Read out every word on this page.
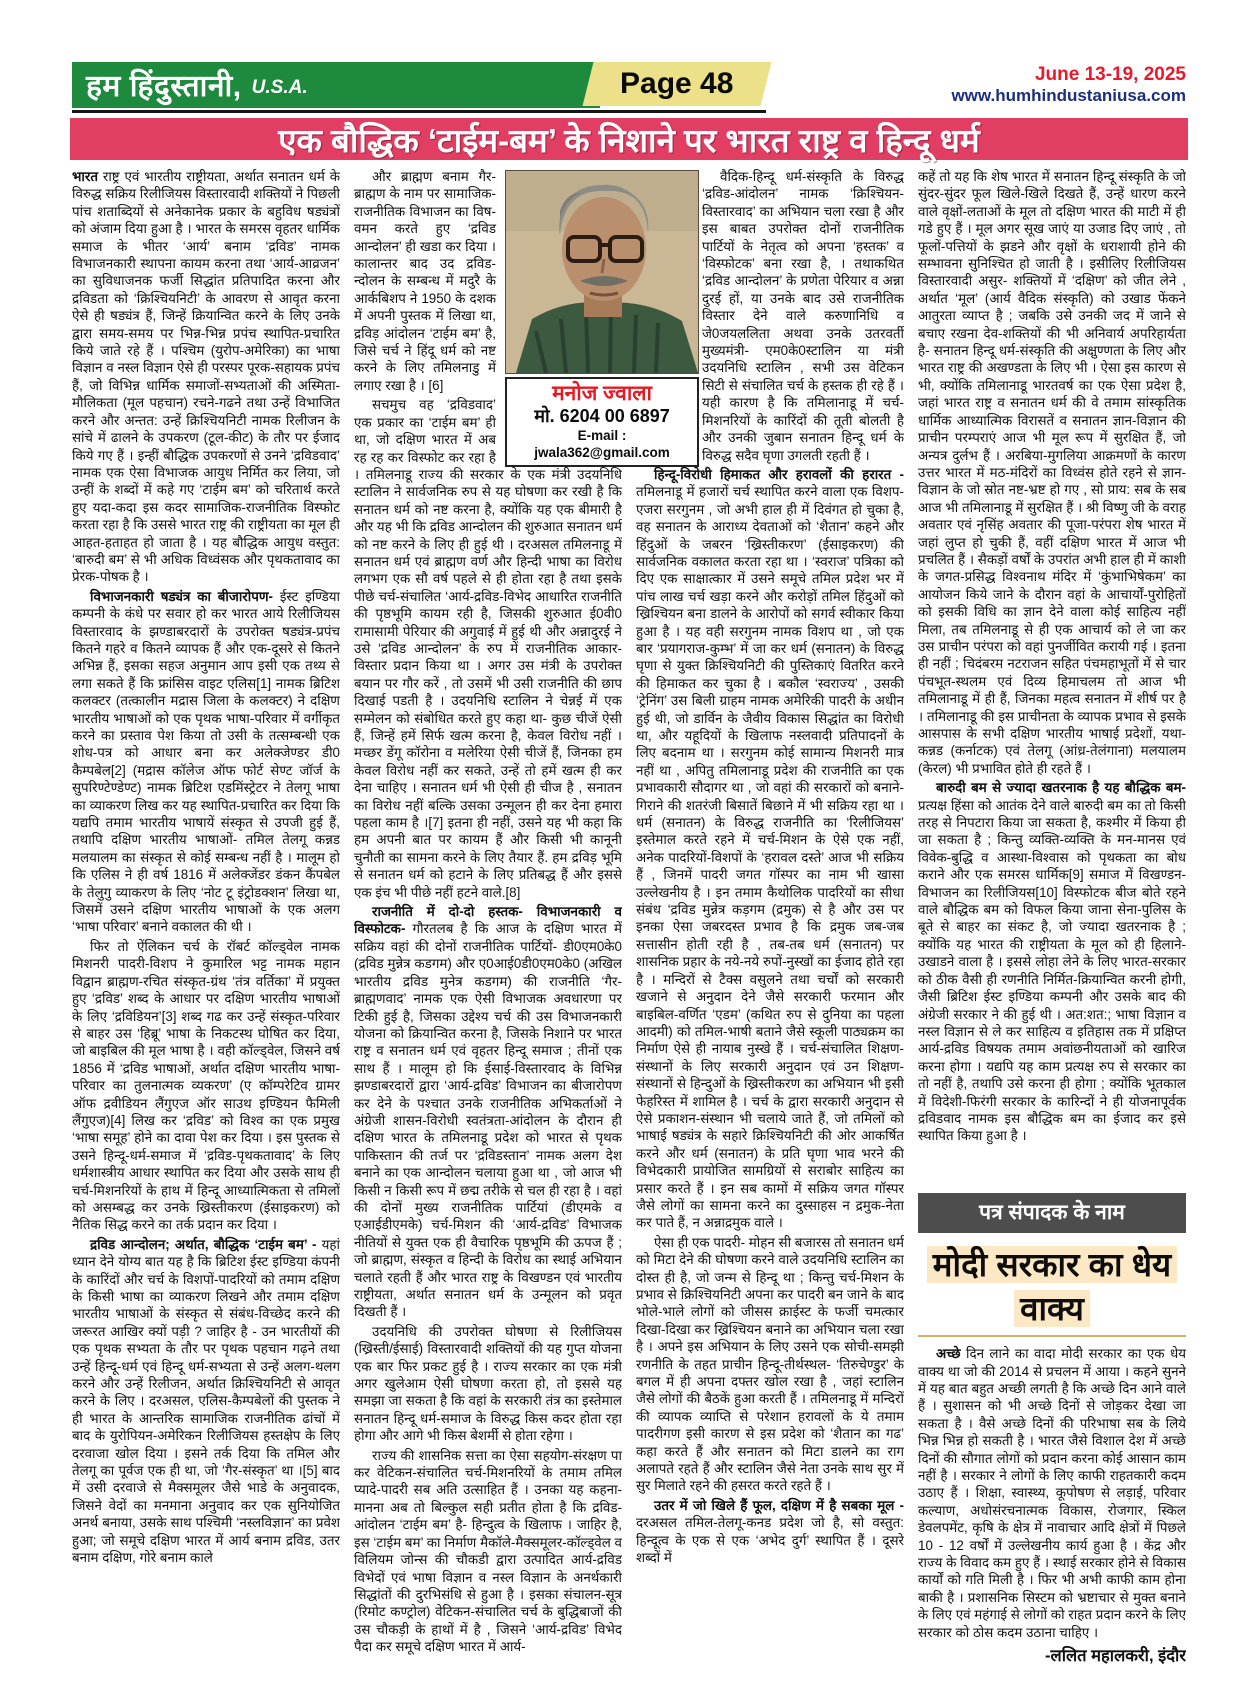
हम हिंदुस्तानी, U.S.A.	Page 48	June 13-19, 2025
www.humhindustaniusa.com
एक बौद्धिक ‘टाईम-बम’ के निशाने पर भारत राष्ट्र व हिन्दू धर्म

भारत राष्ट्र एवं भारतीय राष्ट्रीयता, अर्थात सनातन धर्म के विरुद्ध सक्रिय रिलीजियस विस्तारवादी शक्तियों ने पिछली पांच शताब्दियों से अनेकानेक प्रकार के बहुविध षड्यंत्रों को अंजाम दिया हुआ है । भारत के समरस वृहतर धार्मिक समाज के भीतर ‘आर्य’ बनाम ‘द्रविड’ नामक विभाजनकारी स्थापना कायम करना तथा ‘आर्य-आव्रजन’ का सुविधाजनक फर्जी सिद्धांत प्रतिपादित करना और द्रविडता को ‘क्रिश्चियनिटी’ के आवरण से आवृत करना ऐसे ही षड्यंत्र हैं, जिन्हें क्रियान्वित करने के लिए उनके द्वारा समय-समय पर भिन्न-भिन्न प्रपंच स्थापित-प्रचारित किये जाते रहे हैं । पश्चिम (युरोप-अमेरिका) का भाषा विज्ञान व नस्ल विज्ञान ऐसे ही परस्पर पूरक-सहायक प्रपंच हैं, जो विभिन्न धार्मिक समाजों-सभ्यताओं की अस्मिता-मौलिकता (मूल पहचान) रचने-गढने तथा उन्हें विभाजित करने और अन्तत: उन्हें क्रिश्चियनिटी नामक रिलीजन के सांचे में ढालने के उपकरण (टूल-कीट) के तौर पर ईजाद किये गए हैं । इन्हीं बौद्धिक उपकरणों से उनने ‘द्रविडवाद’ नामक एक ऐसा विभाजक आयुध निर्मित कर लिया, जो उन्हीं के शब्दों में कहे गए ‘टाईम बम’ को चरितार्थ करते हुए यदा-कदा इस कदर सामाजिक-राजनीतिक विस्फोट करता रहा है कि उससे भारत राष्ट्र की राष्ट्रीयता का मूल ही आहत-हताहत हो जाता है । यह बौद्धिक आयुध वस्तुत: ‘बारुदी बम’ से भी अधिक विध्वंसक और पृथकतावाद का प्रेरक-पोषक है ।

विभाजनकारी षड्यंत्र का बीजारोपण- ईस्ट इण्डिया कम्पनी के कंधे पर सवार हो कर भारत आये रिलीजियस विस्तारवाद के झण्डाबरदारों के उपरोक्त षड्यंत्र-प्रपंच कितने गहरे व कितने व्यापक हैं और एक-दूसरे से कितने अभिन्न हैं, इसका सहज अनुमान आप इसी एक तथ्य से लगा सकते हैं कि फ्रांसिस वाइट एलिस[1] नामक ब्रिटिश कलक्टर (तत्कालीन मद्रास जिला के कलक्टर) ने दक्षिण भारतीय भाषाओं को एक पृथक भाषा-परिवार में वर्गीकृत करने का प्रस्ताव पेश किया तो उसी के तत्सम्बन्धी एक शोध-पत्र को आधार बना कर अलेक्जेण्डर डी0 कैम्पबेल[2] (मद्रास कॉलेज ऑफ फोर्ट सेण्ट जॉर्ज के सुपरिण्टेण्डेण्ट) नामक ब्रिटिश एडमिंस्ट्रेटर ने तेलगू भाषा का व्याकरण लिख कर यह स्थापित-प्रचारित कर दिया कि यद्यपि तमाम भारतीय भाषायें संस्कृत से उपजी हुई हैं, तथापि दक्षिण भारतीय भाषाओं- तमिल तेलगू कन्नड मलयालम का संस्कृत से कोई सम्बन्ध नहीं है । मालूम हो कि एलिस ने ही वर्ष 1816 में अलेक्जेंडर डंकन कैंपबेल के तेलुगु व्याकरण के लिए ‘नोट टू इंट्रोडक्शन’ लिखा था, जिसमें उसने दक्षिण भारतीय भाषाओं के एक अलग ‘भाषा परिवार’ बनाने वकालत की थी ।

फिर तो ऐंलिकन चर्च के रॉबर्ट कॉल्ड्वेल नामक मिशनरी पादरी-विशप ने कुमारिल भट्ट नामक महान विद्वान ब्राह्मण-रचित संस्कृत-ग्रंथ ‘तंत्र वर्तिका’ में प्रयुक्त हुए ‘द्रविड’ शब्द के आधार पर दक्षिण भारतीय भाषाओं के लिए ‘द्रविडियन’[3] शब्द गढ कर उन्हें संस्कृत-परिवार से बाहर उस ‘हिब्रू’ भाषा के निकटस्थ घोषित कर दिया, जो बाइबिल की मूल भाषा है । वही कॉल्ड्वेल, जिसने वर्ष 1856 में ‘द्रविड भाषाओं, अर्थात दक्षिण भारतीय भाषा-परिवार का तुलनात्मक व्यकरण’ (ए कॉम्परेटिव ग्रामर ऑफ द्रवीडियन लैंगुएज ऑर साउथ इण्डियन फैमिली लैंगुएज)[4] लिख कर ‘द्रविड’ को विश्व का एक प्रमुख ‘भाषा समूह’ होने का दावा पेश कर दिया । इस पुस्तक से उसने हिन्दू-धर्म-समाज में ‘द्रविड-पृथकतावाद’ के लिए धर्मशास्त्रीय आधार स्थापित कर दिया और उसके साथ ही चर्च-मिशनरियों के हाथ में हिन्दू आध्यात्मिकता से तमिलों को असम्बद्ध कर उनके ख्रिस्तीकरण (ईसाइकरण) को नैतिक सिद्ध करने का तर्क प्रदान कर दिया ।

द्रविड आन्दोलन; अर्थात, बौद्धिक ‘टाईम बम’ - यहां ध्यान देने योग्य बात यह है कि ब्रिटिश ईस्ट इण्डिया कंपनी के कारिंदों और चर्च के विशपों-पादरियों को तमाम दक्षिण के किसी भाषा का व्याकरण लिखने और तमाम दक्षिण भारतीय भाषाओं के संस्कृत से संबंध-विच्छेद करने की जरूरत आखिर क्यों पड़ी ? जाहिर है - उन भारतीयों की एक पृथक सभ्यता के तौर पर पृथक पहचान गढ़ने तथा उन्हें हिन्दू-धर्म एवं हिन्दू धर्म-सभ्यता से उन्हें अलग-थलग करने और उन्हें रिलीजन, अर्थात क्रिश्चियनिटी से आवृत करने के लिए । दरअसल, एलिस-कैम्पबेलों की पुस्तक ने ही भारत के आन्तरिक सामाजिक राजनीतिक ढांचों में बाद के युरोपियन-अमेरिकन रिलीजियस हस्तक्षेप के लिए दरवाजा खोल दिया । इसने तर्क दिया कि तमिल और तेलगू का पूर्वज एक ही था, जो ‘गैर-संस्कृत’ था ।[5] बाद में उसी दरवाजे से मैक्समूलर जैसे भाडे के अनुवादक, जिसने वेदों का मनमाना अनुवाद कर एक सुनियोजित अनर्थ बनाया, उसके साथ पश्चिमी ‘नस्लविज्ञान’ का प्रवेश हुआ; जो समूचे दक्षिण भारत में आर्य बनाम द्रविड, उतर बनाम दक्षिण, गोरे बनाम काले

और ब्राह्मण बनाम गैर-ब्राह्मण के नाम पर सामाजिक-राजनीतिक विभाजन का विष-वमन करते हुए ‘द्रविड आन्दोलन’ ही खडा कर दिया । कालान्तर बाद उद द्रविड-न्दोलन के सम्बन्ध में मदुरै के आर्कबिशप ने 1950 के दशक में अपनी पुस्तक में लिखा था, द्रविड़ आंदोलन ‘टाईम बम’ है, जिसे चर्च ने हिंदू धर्म को नष्ट करने के लिए तमिलनाडु में लगाए रखा है । [6]

सचमुच वह ‘द्रविडवाद’ एक प्रकार का ‘टाईम बम’ ही था, जो दक्षिण भारत में अब रह रह कर विस्फोट कर रहा है । तमिलनाडू राज्य की सरकार के एक मंत्री उदयनिधि स्टालिन ने सार्वजनिक रुप से यह घोषणा कर रखी है कि सनातन धर्म को नष्ट करना है, क्योंकि यह एक बीमारी है और यह भी कि द्रविड आन्दोलन की शुरुआत सनातन धर्म को नष्ट करने के लिए ही हुई थी । दरअसल तमिलनाडू में सनातन धर्म एवं ब्राह्मण वर्ण और हिन्दी भाषा का विरोध लगभग एक सौ वर्ष पहले से ही होता रहा है तथा इसके पीछे चर्च-संचालित ‘आर्य-द्रविड-विभेद आधारित राजनीति की पृष्ठभूमि कायम रही है, जिसकी शुरुआत ई0वी0 रामासामी पेरियार की अगुवाई में हुई थी और अन्नादुरई ने उसे ‘द्रविड आन्दोलन’ के रुप में राजनीतिक आकार-विस्तार प्रदान किया था । अगर उस मंत्री के उपरोक्त बयान पर गौर करें , तो उसमें भी उसी राजनीति की छाप दिखाई पडती है । उदयनिधि स्टालिन ने चेन्नई में एक सम्मेलन को संबोधित करते हुए कहा था- कुछ चीजें ऐसी हैं, जिन्हें हमें सिर्फ खत्म करना है, केवल विरोध नहीं । मच्छर डेंगू कॉरोना व मलेरिया ऐसी चीजें हैं, जिनका हम केवल विरोध नहीं कर सकते, उन्हें तो हमें खत्म ही कर देना चाहिए । सनातन धर्म भी ऐसी ही चीज है , सनातन का विरोध नहीं बल्कि उसका उन्मूलन ही कर देना हमारा पहला काम है ।[7] इतना ही नहीं, उसने यह भी कहा कि हम अपनी बात पर कायम हैं और किसी भी कानूनी चुनौती का सामना करने के लिए तैयार हैं. हम द्रविड़ भूमि से सनातन धर्म को हटाने के लिए प्रतिबद्ध हैं और इससे एक इंच भी पीछे नहीं हटने वाले.[8]

राजनीति में दो-दो हस्तक- विभाजनकारी व विस्फोटक- गौरतलब है कि आज के दक्षिण भारत में सक्रिय वहां की दोनों राजनीतिक पार्टियों- डी0एम0के0 (द्रविड मुन्नेत्र कडगम) और ए0आई0डी0एम0के0 (अखिल भारतीय द्रविड मुनेत्र कडगम) की राजनीति ‘गैर-ब्राह्मणवाद’ नामक एक ऐसी विभाजक अवधारणा पर टिकी हुई है, जिसका उद्देश्य चर्च की उस विभाजनकारी योजना को क्रियान्वित करना है, जिसके निशाने पर भारत राष्ट्र व सनातन धर्म एवं वृहतर हिन्दू समाज ; तीनों एक साथ हैं । मालूम हो कि ईसाई-विस्तारवाद के विभिन्न झण्डाबरदारों द्वारा ‘आर्य-द्रविड’ विभाजन का बीजारोपण कर देने के पश्चात उनके राजनीतिक अभिकर्ताओं ने अंग्रेजी शासन-विरोधी स्वतंत्रता-आंदोलन के दौरान ही दक्षिण भारत के तमिलनाडू प्रदेश को भारत से पृथक पाकिस्तान की तर्ज पर ‘द्रविडस्तान’ नामक अलग देश बनाने का एक आन्दोलन चलाया हुआ था , जो आज भी किसी न किसी रूप में छद्म तरीके से चल ही रहा है । वहां की दोनों मुख्य राजनीतिक पार्टियां (डीएमके व एआईडीएमके) चर्च-मिशन की ‘आर्य-द्रविड’ विभाजक नीतियों से युक्त एक ही वैचारिक पृष्ठभूमि की ऊपज हैं ; जो ब्राह्मण, संस्कृत व हिन्दी के विरोध का स्थाई अभियान चलाते रहती हैं और भारत राष्ट्र के विखण्डन एवं भारतीय राष्ट्रीयता, अर्थात सनातन धर्म के उन्मूलन को प्रवृत दिखती हैं ।

उदयनिधि की उपरोक्त घोषणा से रिलीजियस (ख्रिस्ती/ईसाई) विस्तारवादी शक्तियों की यह गुप्त योजना एक बार फिर प्रकट हुई है । राज्य सरकार का एक मंत्री अगर खुलेआम ऐसी घोषणा करता हो, तो इससे यह समझा जा सकता है कि वहां के सरकारी तंत्र का इस्तेमाल सनातन हिन्दू धर्म-समाज के विरुद्ध किस कदर होता रहा होगा और आगे भी किस बेशर्मी से होता रहेगा ।

राज्य की शासनिक सत्ता का ऐसा सहयोग-संरक्षण पा कर वेटिकन-संचालित चर्च-मिशनरियों के तमाम तमिल प्यादे-पादरी सब अति उत्साहित हैं । उनका यह कहना-मानना अब तो बिल्कुल सही प्रतीत होता है कि द्रविड-आंदोलन ‘टाईम बम’ है- हिन्दुत्व के खिलाफ । जाहिर है, इस ‘टाईम बम’ का निर्माण मैकॉले-मैक्समूलर-कॉल्ड्वेल व विलियम जोन्स की चौकडी द्वारा उत्पादित आर्य-द्रविड विभेदों एवं भाषा विज्ञान व नस्ल विज्ञान के अनर्थकारी सिद्धांतों की दुरभिसंधि से हुआ है । इसका संचालन-सूत्र (रिमोट कण्ट्रोल) वेटिकन-संचालित चर्च के बुद्धिबाजों की उस चौकड़ी के हाथों में है , जिसने ‘आर्य-द्रविड’ विभेद पैदा कर समूचे दक्षिण भारत में आर्य-

वैदिक-हिन्दू धर्म-संस्कृति के विरुद्ध ‘द्रविड-आंदोलन’ नामक ‘क्रिश्चियन-विस्तारवाद’ का अभियान चला रखा है और इस बाबत उपरोक्त दोनों राजनीतिक पार्टियों के नेतृत्व को अपना ‘हस्तक’ व ‘विस्फोटक’ बना रखा है, । तथाकथित ‘द्रविड आन्दोलन’ के प्रणेता पेरियार व अन्ना दुरई हों, या उनके बाद उसे राजनीतिक विस्तार देने वाले करुणानिधि व जे0जयललिता अथवा उनके उतरवर्ती मुख्यमंत्री- एम0के0स्टालिन या मंत्री उदयनिधि स्टालिन , सभी उस वेटिकन सिटी से संचालित चर्च के हस्तक ही रहे हैं । यही कारण है कि तमिलानाडू में चर्च-मिशनरियों के कारिंदों की तूती बोलती है और उनकी जुबान सनातन हिन्दू धर्म के विरुद्ध सदैव घृणा उगलती रहती हैं ।

हिन्दू-विरोधी हिमाकत और हरावलों की हरारत - तमिलनाडू में हजारों चर्च स्थापित करने वाला एक विशप- एजरा सरगुनम , जो अभी हाल ही में दिवंगत हो चुका है, वह सनातन के आराध्य देवताओं को ‘शैतान’ कहने और हिंदुओं के जबरन ‘ख्रिस्तीकरण’ (ईसाइकरण) की सार्वजनिक वकालत करता रहा था । ‘स्वराज’ पत्रिका को दिए एक साक्षात्कार में उसने समूचे तमिल प्रदेश भर में पांच लाख चर्च खड़ा करने और करोड़ों तमिल हिंदुओं को ख्रिश्चियन बना डालने के आरोपों को सगर्व स्वीकार किया हुआ है । यह वही सरगुनम नामक विशप था , जो एक बार ‘प्रयागराज-कुम्भ’ में जा कर धर्म (सनातन) के विरुद्ध घृणा से युक्त क्रिश्चियनिटी की पुस्तिकाएं वितरित करने की हिमाकत कर चुका है । बकौल ‘स्वराज्य’ , उसकी ‘ट्रेनिंग’ उस बिली ग्राहम नामक अमेरिकी पादरी के अधीन हुई थी, जो डार्विन के जैवीय विकास सिद्धांत का विरोधी था, और यहूदियों के खिलाफ नस्लवादी प्रतिपादनों के लिए बदनाम था । सरगुनम कोई सामान्य मिशनरी मात्र नहीं था , अपितु तमिलानाडू प्रदेश की राजनीति का एक प्रभावकारी सौदागर था , जो वहां की सरकारों को बनाने-गिराने की शतरंजी बिसातें बिछाने में भी सक्रिय रहा था । धर्म (सनातन) के विरुद्ध राजनीति का ‘रिलीजियस’ इस्तेमाल करते रहने में चर्च-मिशन के ऐसे एक नहीं, अनेक पादरियों-विशपों के ‘हरावल दस्ते’ आज भी सक्रिय हैं , जिनमें पादरी जगत गॉस्पर का नाम भी खासा उल्लेखनीय है । इन तमाम कैथोलिक पादरियों का सीधा संबंध ‘द्रविड मुन्नेत्र कड़गम (द्रमुक) से है और उस पर इनका ऐसा जबरदस्त प्रभाव है कि द्रमुक जब-जब सत्तासीन होती रही है , तब-तब धर्म (सनातन) पर शासनिक प्रहार के नये-नये रुपों-नुस्खों का ईजाद होते रहा है । मन्दिरों से टैक्स वसुलने तथा चर्चों को सरकारी खजाने से अनुदान देने जैसे सरकारी फरमान और बाइबिल-वर्णित ‘एडम’ (कथित रुप से दुनिया का पहला आदमी) को तमिल-भाषी बताने जैसे स्कूली पाठ्यक्रम का निर्माण ऐसे ही नायाब नुस्खे हैं । चर्च-संचालित शिक्षण-संस्थानों के लिए सरकारी अनुदान एवं उन शिक्षण-संस्थानों से हिन्दुओं के ख्रिस्तीकरण का अभियान भी इसी फेहरिस्त में शामिल है । चर्च के द्वारा सरकारी अनुदान से ऐसे प्रकाशन-संस्थान भी चलाये जाते हैं, जो तमिलों को भाषाई षड्यंत्र के सहारे क्रिश्चियनिटी की ओर आकर्षित करने और धर्म (सनातन) के प्रति घृणा भाव भरने की विभेदकारी प्रायोजित सामग्रियों से सराबोर साहित्य का प्रसार करते हैं । इन सब कामों में सक्रिय जगत गॉस्पर जैसे लोगों का सामना करने का दुस्साहस न द्रमुक-नेता कर पाते हैं, न अन्नाद्रमुक वाले ।

ऐसा ही एक पादरी- मोहन सी बजारस तो सनातन धर्म को मिटा देने की घोषणा करने वाले उदयनिधि स्टालिन का दोस्त ही है, जो जन्म से हिन्दू था ; किन्तु चर्च-मिशन के प्रभाव से क्रिश्चियनिटी अपना कर पादरी बन जाने के बाद भोले-भाले लोगों को जीसस क्राईस्ट के फर्जी चमत्कार दिखा-दिखा कर ख्रिश्चियन बनाने का अभियान चला रखा है । अपने इस अभियान के लिए उसने एक सोची-समझी रणनीति के तहत प्राचीन हिन्दू-तीर्थस्थल- ‘तिरुचेण्डुर’ के बगल में ही अपना दफ्तर खोल रखा है , जहां स्टालिन जैसे लोगों की बैठकें हुआ करती हैं । तमिलनाडू में मन्दिरों की व्यापक व्याप्ति से परेशान हरावलों के ये तमाम पादरीगण इसी कारण से इस प्रदेश को ‘शैतान का गढ’ कहा करते हैं और सनातन को मिटा डालने का राग अलापते रहते हैं और स्टालिन जैसे नेता उनके साथ सुर में सुर मिलाते रहने की हसरत करते रहते हैं ।

उतर में जो खिले हैं फूल, दक्षिण में है सबका मूल - दरअसल तमिल-तेलगू-कनड प्रदेश जो है, सो वस्तुत: हिन्दूत्व के एक से एक ‘अभेद दुर्ग’ स्थापित हैं । दूसरे शब्दों में

कहें तो यह कि शेष भारत में सनातन हिन्दू संस्कृति के जो सुंदर-सुंदर फूल खिले-खिले दिखते हैं, उन्हें धारण करने वाले वृक्षों-लताओं के मूल तो दक्षिण भारत की माटी में ही गडे हुए हैं । मूल अगर सूख जाएं या उजाड दिए जाएं , तो फूलों-पत्तियों के झडने और वृक्षों के धराशायी होने की सम्भावना सुनिश्चित हो जाती है । इसीलिए रिलीजियस विस्तारवादी असुर- शक्तियों में ‘दक्षिण’ को जीत लेने , अर्थात ‘मूल’ (आर्य वैदिक संस्कृति) को उखाड फेंकने आतुरता व्याप्त है ; जबकि उसे उनकी जद में जाने से बचाए रखना देव-शक्तियों की भी अनिवार्य अपरिहार्यता है- सनातन हिन्दू धर्म-संस्कृति की अक्षुण्णता के लिए और भारत राष्ट्र की अखण्डता के लिए भी । ऐसा इस कारण से भी, क्योंकि तमिलानाडू भारतवर्ष का एक ऐसा प्रदेश है, जहां भारत राष्ट्र व सनातन धर्म की वे तमाम सांस्कृतिक धार्मिक आध्यात्मिक विरासतें व सनातन ज्ञान-विज्ञान की प्राचीन परम्पराएं आज भी मूल रूप में सुरक्षित हैं, जो अन्यत्र दुर्लभ हैं । अरबिया-मुगलिया आक्रमणों के कारण उत्तर भारत में मठ-मंदिरों का विध्वंस होते रहने से ज्ञान-विज्ञान के जो स्रोत नष्ट-भ्रष्ट हो गए , सो प्राय: सब के सब आज भी तमिलानाडू में सुरक्षित हैं । श्री विष्णु जी के वराह अवतार एवं नृसिंह अवतार की पूजा-परंपरा शेष भारत में जहां लुप्त हो चुकी हैं, वहीं दक्षिण भारत में आज भी प्रचलित हैं । सैकड़ों वर्षों के उपरांत अभी हाल ही में काशी के जगत-प्रसिद्ध विश्वनाथ मंदिर में ‘कुंभाभिषेकम’ का आयोजन किये जाने के दौरान वहां के आचार्यों-पुरोहितों को इसकी विधि का ज्ञान देने वाला कोई साहित्य नहीं मिला, तब तमिलनाडू से ही एक आचार्य को ले जा कर उस प्राचीन परंपरा को वहां पुनर्जीवित करायी गई । इतना ही नहीं ; चिदंबरम नटराजन सहित पंचमहाभूतों में से चार पंचभूत-स्थलम एवं दिव्य हिमाचलम तो आज भी तमिलानाडू में ही हैं, जिनका महत्व सनातन में शीर्ष पर है । तमिलानाडू की इस प्राचीनता के व्यापक प्रभाव से इसके आसपास के सभी दक्षिण भारतीय भाषाई प्रदेशों, यथा- कन्नड (कर्नाटक) एवं तेलगू (आंध्र-तेलंगाना) मलयालम (केरल) भी प्रभावित होते ही रहते हैं ।

बारुदी बम से ज्यादा खतरनाक है यह बौद्धिक बम- प्रत्यक्ष हिंसा को आतंक देने वाले बारुदी बम का तो किसी तरह से निपटारा किया जा सकता है, कश्मीर में किया ही जा सकता है ; किन्तु व्यक्ति-व्यक्ति के मन-मानस एवं विवेक-बुद्धि व आस्था-विश्वास को पृथकता का बोध कराने और एक समरस धार्मिक[9] समाज में विखण्डन-विभाजन का रिलीजियस[10] विस्फोटक बीज बोते रहने वाले बौद्धिक बम को विफल किया जाना सेना-पुलिस के बूते से बाहर का संकट है, जो ज्यादा खतरनाक है ; क्योंकि यह भारत की राष्ट्रीयता के मूल को ही हिलाने-उखाडने वाला है । इससे लोहा लेने के लिए भारत-सरकार को ठीक वैसी ही रणनीति निर्मित-क्रियान्वित करनी होगी, जैसी ब्रिटिश ईस्ट इण्डिया कम्पनी और उसके बाद की अंग्रेजी सरकार ने की हुई थी । अत:शत:; भाषा विज्ञान व नस्ल विज्ञान से ले कर साहित्य व इतिहास तक में प्रक्षिप्त आर्य-द्रविड विषयक तमाम अवांछनीयताओं को खारिज करना होगा । यद्यपि यह काम प्रत्यक्ष रुप से सरकार का तो नहीं है, तथापि उसे करना ही होगा ; क्योंकि भूतकाल में विदेशी-फिरंगी सरकार के कारिन्दों ने ही योजनापूर्वक द्रविडवाद नामक इस बौद्धिक बम का ईजाद कर इसे स्थापित किया हुआ है ।

पत्र संपादक के नाम
मोदी सरकार का धेय वाक्य

अच्छे दिन लाने का वादा मोदी सरकार का एक धेय वाक्य था जो की 2014 से प्रचलन में आया । कहने सुनने में यह बात बहुत अच्छी लगती है कि अच्छे दिन आने वाले हैं । सुशासन को भी अच्छे दिनों से जोड़कर देखा जा सकता है । वैसे अच्छे दिनों की परिभाषा सब के लिये भिन्न भिन्न हो सकती है । भारत जैसे विशाल देश में अच्छे दिनों की सौगात लोगों को प्रदान करना कोई आसान काम नहीं है । सरकार ने लोगों के लिए काफी राहतकारी कदम उठाए हैं । शिक्षा, स्वास्थ्य, कूपोषण से लड़ाई, परिवार कल्याण, अधोसंरचनात्मक विकास, रोजगार, स्किल डेवलपमेंट, कृषि के क्षेत्र में नावाचार आदि क्षेत्रों में पिछले 10 - 12 वर्षों में उल्लेखनीय कार्य हुआ है । केंद्र और राज्य के विवाद कम हुए हैं । स्थाई सरकार होने से विकास कार्यों को गति मिली है । फिर भी अभी काफी काम होना बाकी है । प्रशासनिक सिस्टम को भ्रष्टाचार से मुक्त बनाने के लिए एवं महंगाई से लोगों को राहत प्रदान करने के लिए सरकार को ठोस कदम उठाना चाहिए ।

-ललित महालकरी, इंदौर
मनोज ज्वाला
मो. 6204 00 6897
E-mail : jwala362@gmail.com
